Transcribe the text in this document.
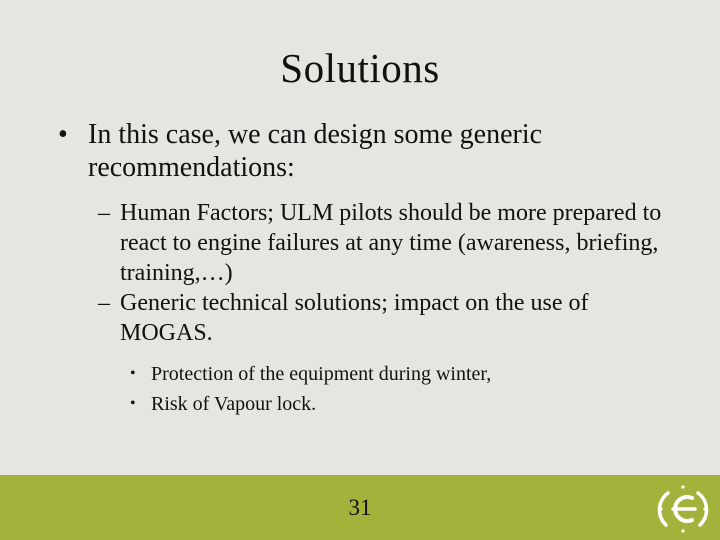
Solutions
• In this case, we can design some generic recommendations:
– Human Factors; ULM pilots should be more prepared to react to engine failures at any time (awareness, briefing, training,…)
– Generic technical solutions; impact on the use of MOGAS.
• Protection of the equipment during winter,
• Risk of Vapour lock.
31
